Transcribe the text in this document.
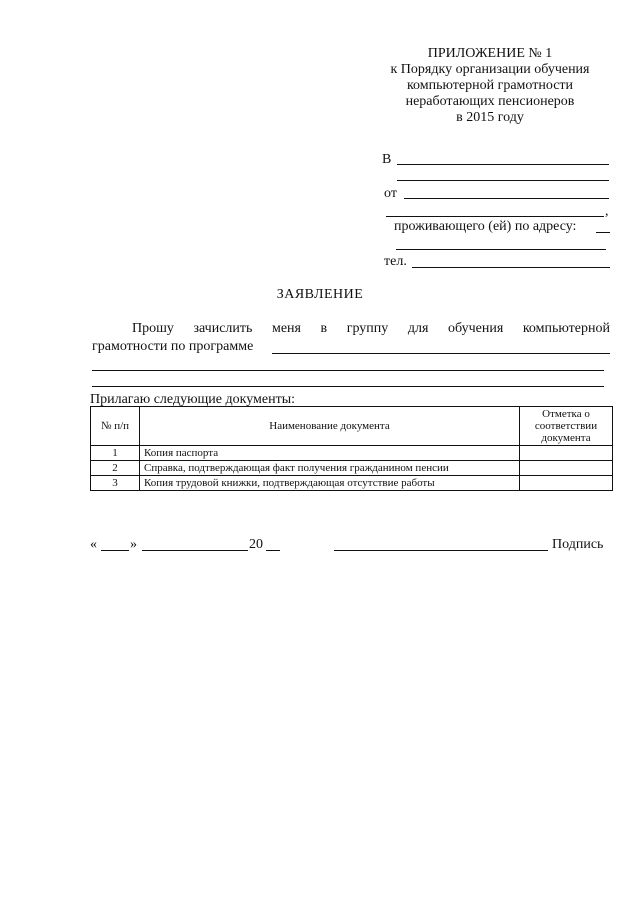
ПРИЛОЖЕНИЕ № 1
к Порядку организации обучения
компьютерной грамотности
неработающих пенсионеров
в 2015 году
В
от
,
проживающего (ей) по адресу:
тел.
ЗАЯВЛЕНИЕ
Прошу зачислить меня в группу для обучения компьютерной
грамотности по программе
Прилагаю следующие документы:
№ п/п	Наименование документа	Отметка о соответствии документа
1	Копия паспорта	
2	Справка, подтверждающая факт получения гражданином пенсии	
3	Копия трудовой книжки, подтверждающая отсутствие работы	
« »	20	Подпись
